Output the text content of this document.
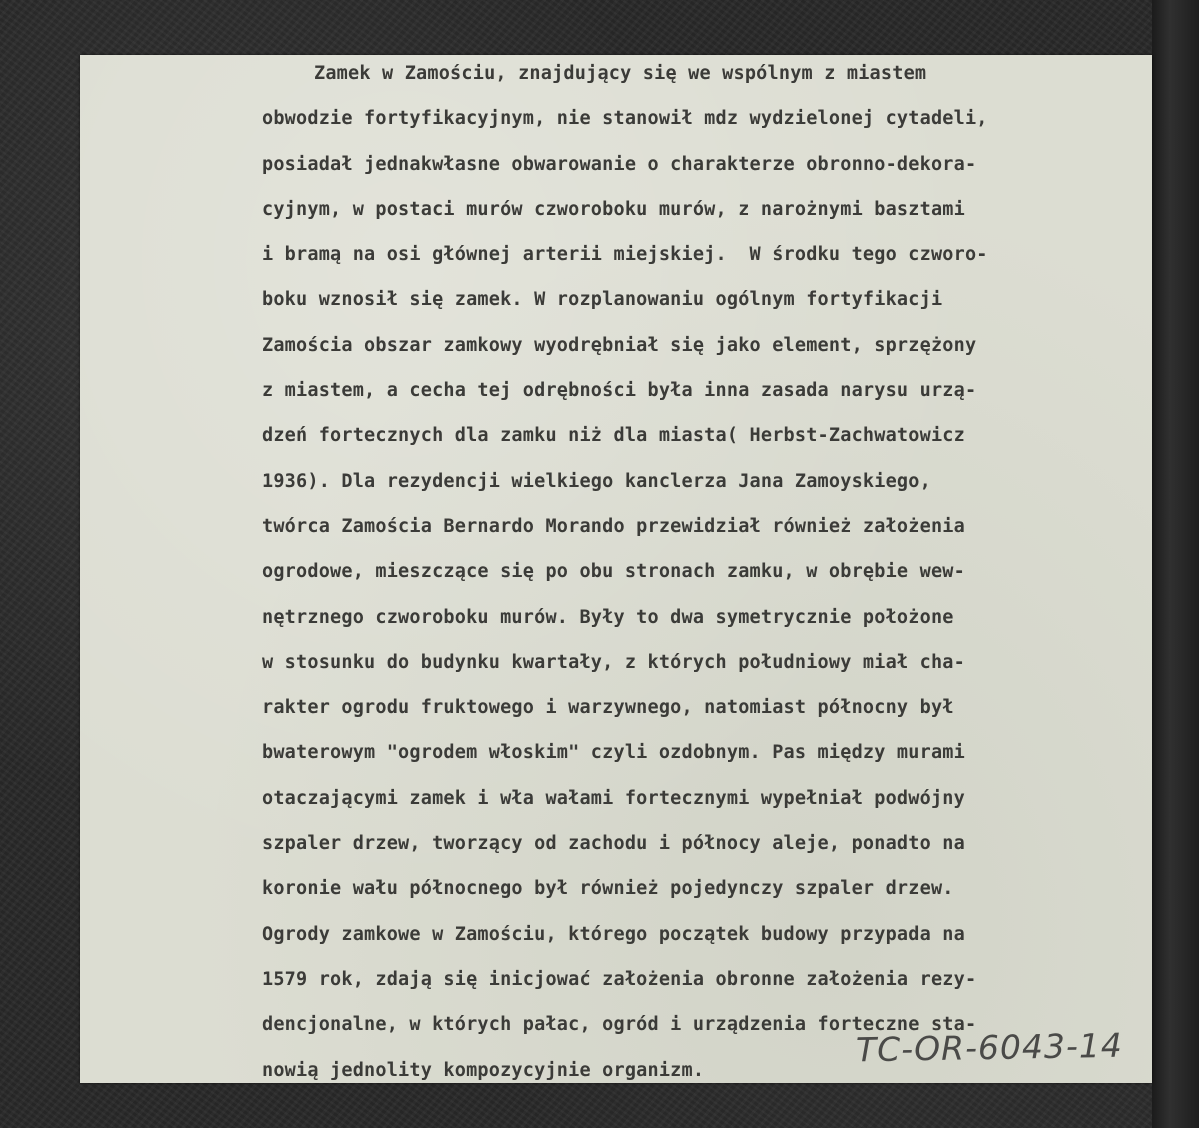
Zamek w Zamościu, znajdujący się we wspólnym z miastem
obwodzie fortyfikacyjnym, nie stanowił mdz wydzielonej cytadeli,
posiadał jednakwłasne obwarowanie o charakterze obronno-dekora-
cyjnym, w postaci murów czworoboku murów, z narożnymi basztami
i bramą na osi głównej arterii miejskiej.  W środku tego czworo-
boku wznosił się zamek. W rozplanowaniu ogólnym fortyfikacji
Zamościa obszar zamkowy wyodrębniał się jako element, sprzężony
z miastem, a cecha tej odrębności była inna zasada narysu urzą-
dzeń fortecznych dla zamku niż dla miasta( Herbst-Zachwatowicz
1936). Dla rezydencji wielkiego kanclerza Jana Zamoyskiego,
twórca Zamościa Bernardo Morando przewidział również założenia
ogrodowe, mieszczące się po obu stronach zamku, w obrębie wew-
nętrznego czworoboku murów. Były to dwa symetrycznie położone
w stosunku do budynku kwartały, z których południowy miał cha-
rakter ogrodu fruktowego i warzywnego, natomiast północny był
bwaterowym "ogrodem włoskim" czyli ozdobnym. Pas między murami
otaczającymi zamek i wła wałami fortecznymi wypełniał podwójny
szpaler drzew, tworzący od zachodu i północy aleje, ponadto na
koronie wału północnego był również pojedynczy szpaler drzew.
Ogrody zamkowe w Zamościu, którego początek budowy przypada na
1579 rok, zdają się inicjować założenia obronne założenia rezy-
dencjonalne, w których pałac, ogród i urządzenia forteczne sta-
nowią jednolity kompozycyjnie organizm.
TC-OR-6043-14
